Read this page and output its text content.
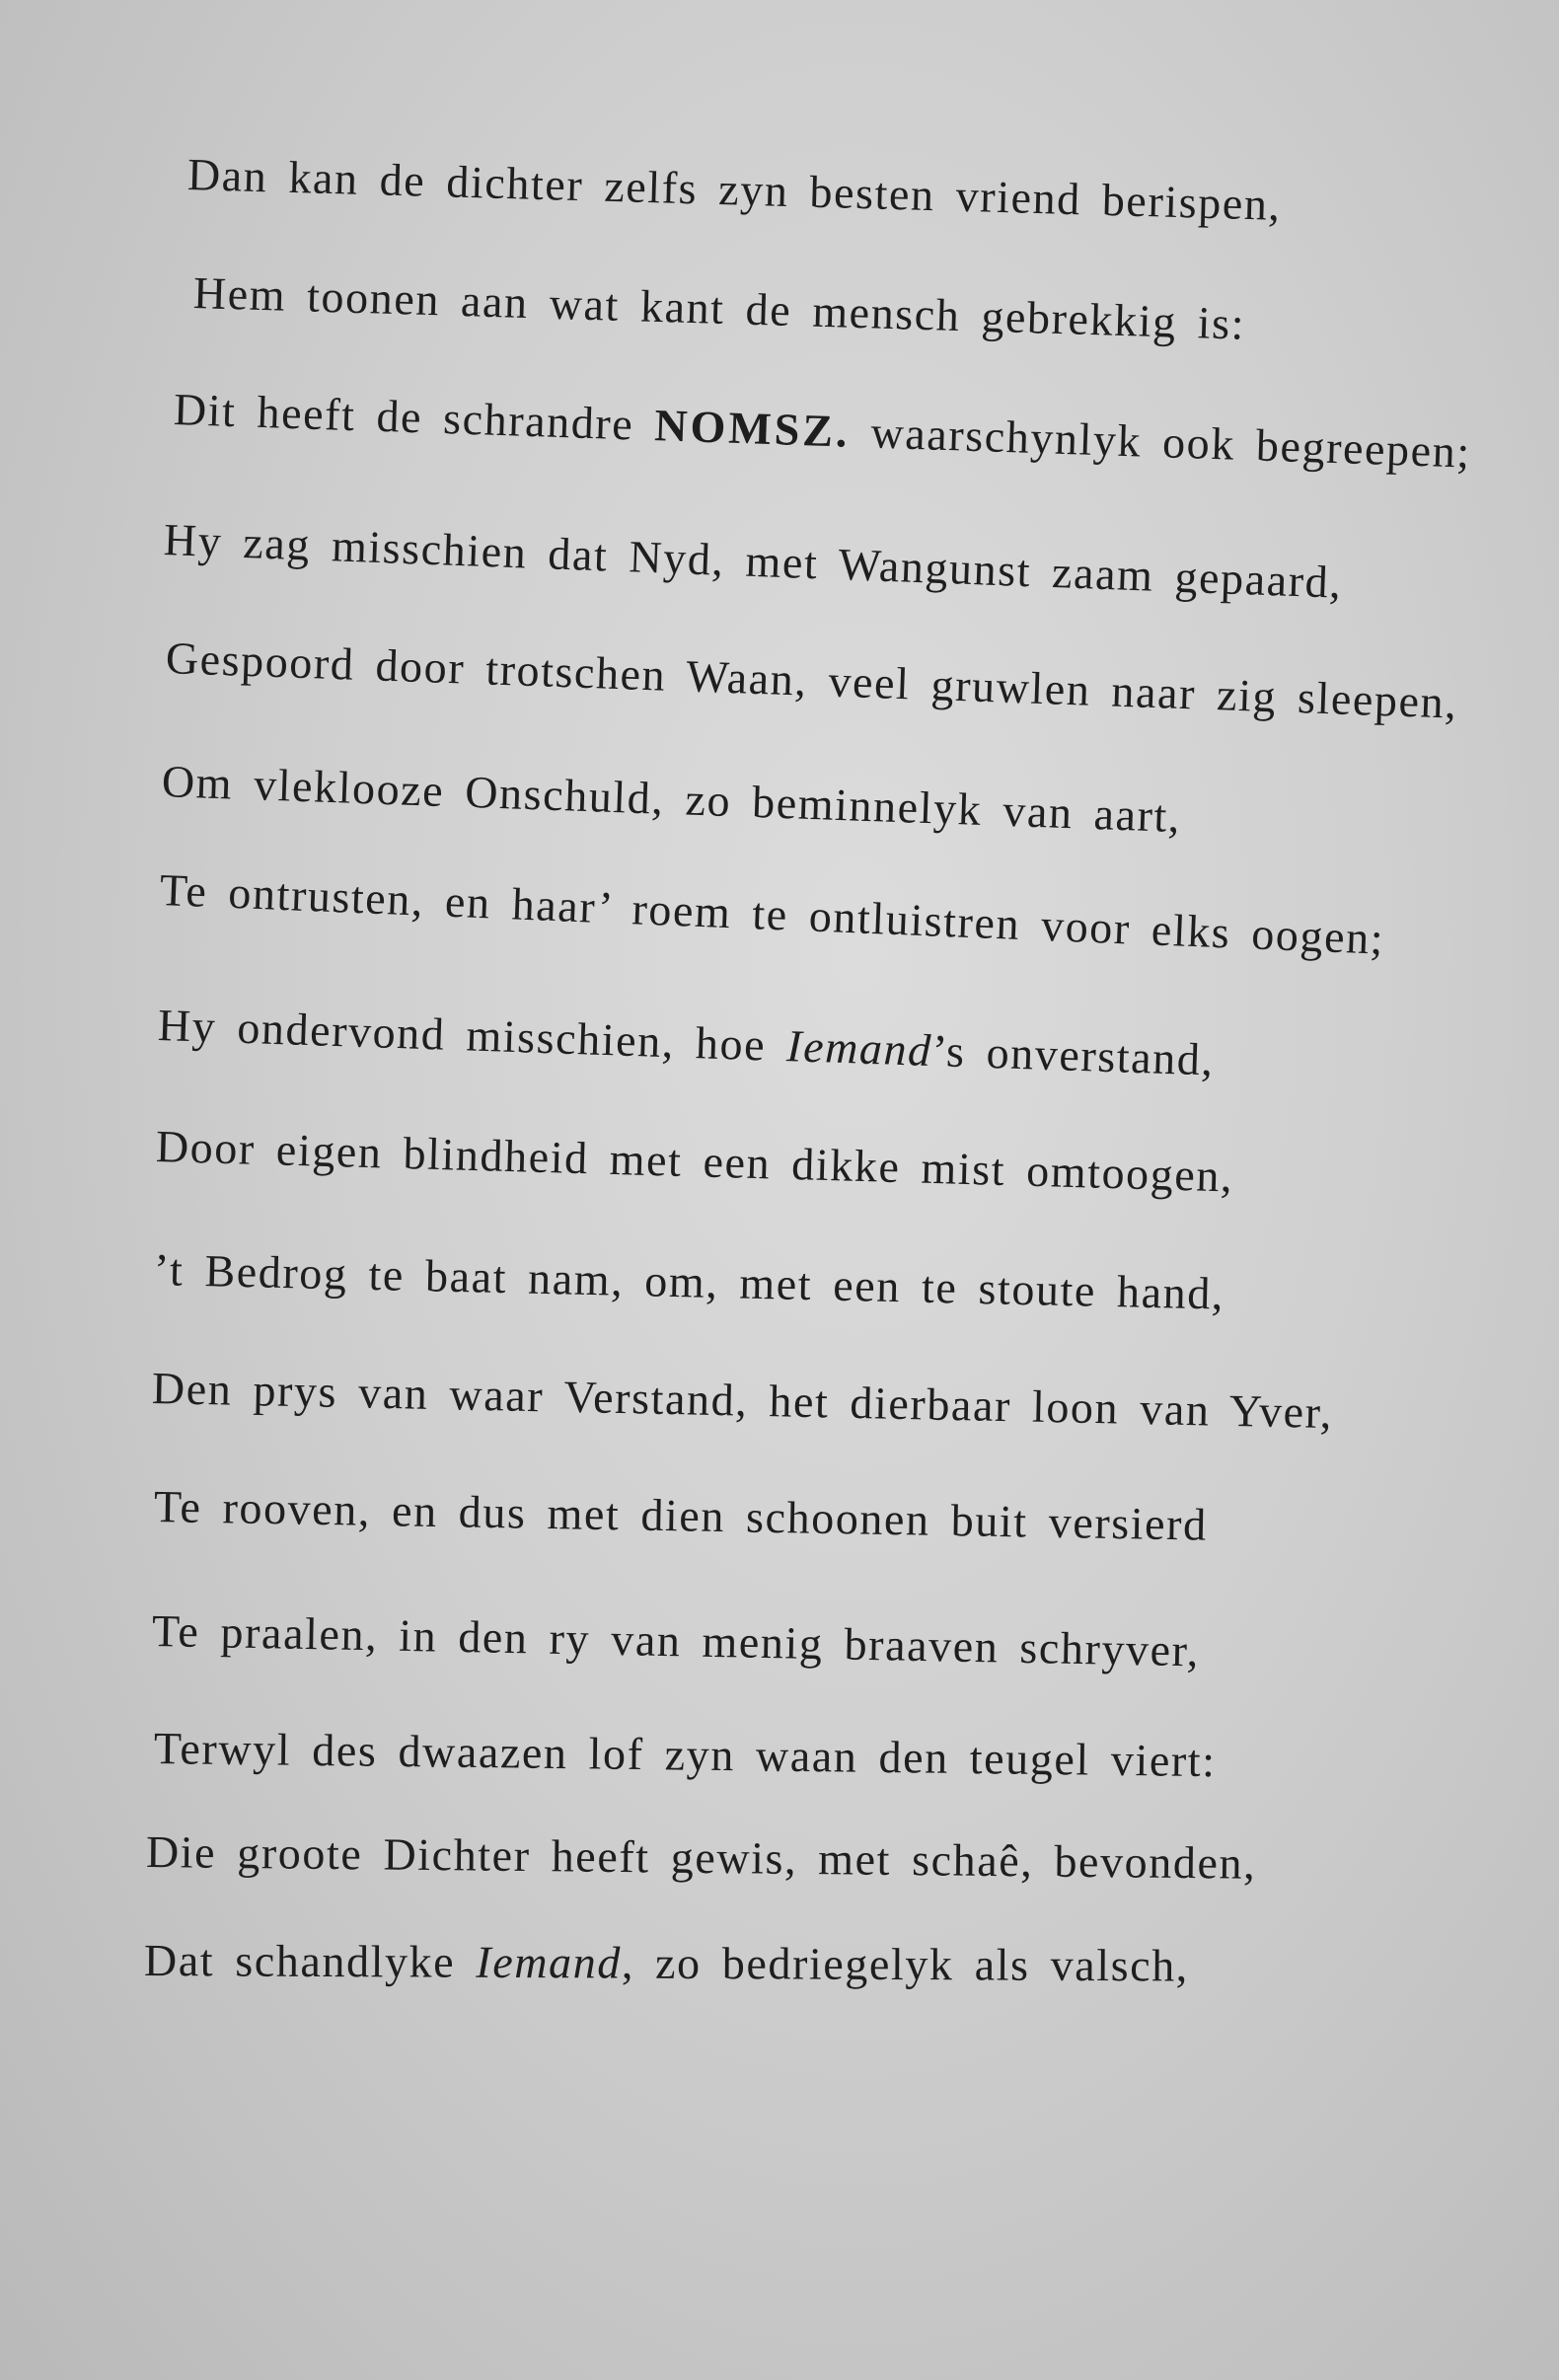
Dan kan de dichter zelfs zyn besten vriend berispen,
Hem toonen aan wat kant de mensch gebrekkig is:
Dit heeft de schrandre NOMSZ. waarschynlyk ook begreepen;
Hy zag misschien dat Nyd, met Wangunst zaam gepaard,
Gespoord door trotschen Waan, veel gruwlen naar zig sleepen,
Om vleklooze Onschuld, zo beminnelyk van aart,
Te ontrusten, en haar’ roem te ontluistren voor elks oogen;
Hy ondervond misschien, hoe Iemand’s onverstand,
Door eigen blindheid met een dikke mist omtoogen,
’t Bedrog te baat nam, om, met een te stoute hand,
Den prys van waar Verstand, het dierbaar loon van Yver,
Te rooven, en dus met dien schoonen buit versierd
Te praalen, in den ry van menig braaven schryver,
Terwyl des dwaazen lof zyn waan den teugel viert:
Die groote Dichter heeft gewis, met schaê, bevonden,
Dat schandlyke Iemand, zo bedriegelyk als valsch,
